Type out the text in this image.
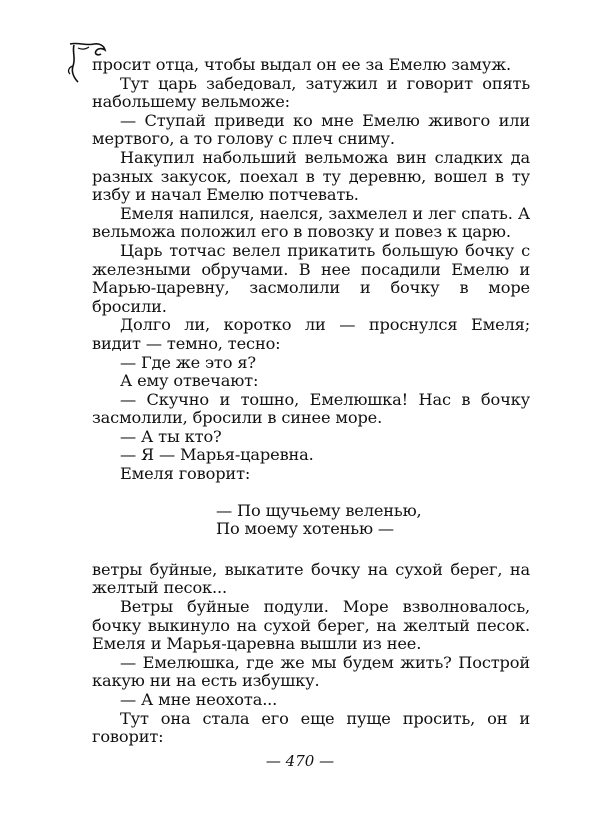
просит отца, чтобы выдал он ее за Емелю замуж.

Тут царь забедовал, затужил и говорит опять набольшему вельможе:

— Ступай приведи ко мне Емелю живого или мертвого, а то голову с плеч сниму.

Накупил набольший вельможа вин сладких да разных закусок, поехал в ту деревню, вошел в ту избу и начал Емелю потчевать.

Емеля напился, наелся, захмелел и лег спать. А вельможа положил его в повозку и повез к царю.

Царь тотчас велел прикатить большую бочку с железными обручами. В нее посадили Емелю и Марью-царевну, засмолили и бочку в море бросили.

Долго ли, коротко ли — проснулся Емеля; видит — темно, тесно:

— Где же это я?

А ему отвечают:

— Скучно и тошно, Емелюшка! Нас в бочку засмолили, бросили в синее море.

— А ты кто?

— Я — Марья-царевна.

Емеля говорит:

— По щучьему веленью,
По моему хотенью —

ветры буйные, выкатите бочку на сухой берег, на желтый песок...

Ветры буйные подули. Море взволновалось, бочку выкинуло на сухой берег, на желтый песок. Емеля и Марья-царевна вышли из нее.

— Емелюшка, где же мы будем жить? Построй какую ни на есть избушку.

— А мне неохота...

Тут она стала его еще пуще просить, он и говорит:

— 470 —
